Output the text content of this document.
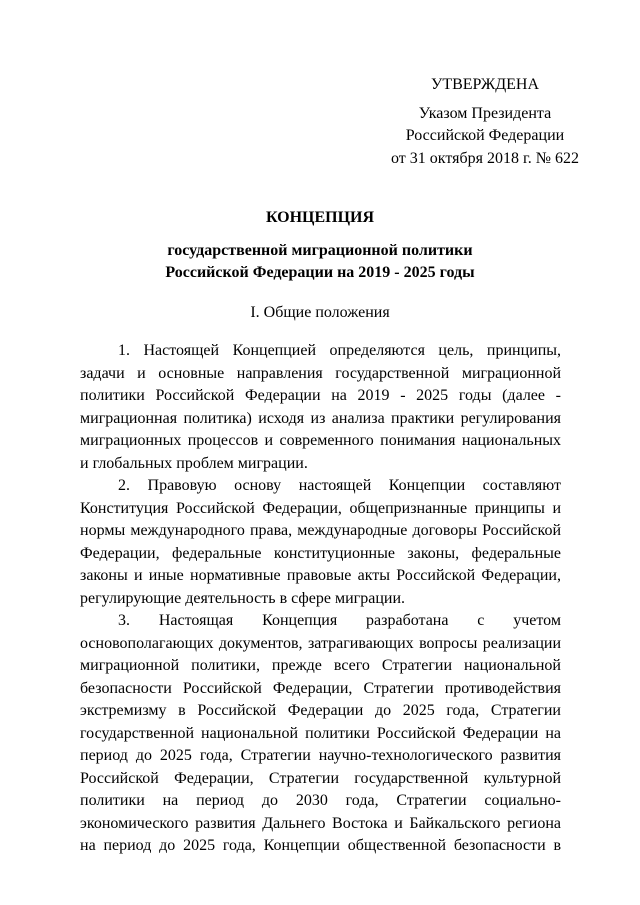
УТВЕРЖДЕНА
Указом Президента
Российской Федерации
от 31 октября 2018 г. № 622
КОНЦЕПЦИЯ
государственной миграционной политики
Российской Федерации на 2019 - 2025 годы
I. Общие положения

1. Настоящей Концепцией определяются цель, принципы, задачи и основные направления государственной миграционной политики Российской Федерации на 2019 - 2025 годы (далее - миграционная политика) исходя из анализа практики регулирования миграционных процессов и современного понимания национальных и глобальных проблем миграции.

2. Правовую основу настоящей Концепции составляют Конституция Российской Федерации, общепризнанные принципы и нормы международного права, международные договоры Российской Федерации, федеральные конституционные законы, федеральные законы и иные нормативные правовые акты Российской Федерации, регулирующие деятельность в сфере миграции.

3. Настоящая Концепция разработана с учетом основополагающих документов, затрагивающих вопросы реализации миграционной политики, прежде всего Стратегии национальной безопасности Российской Федерации, Стратегии противодействия экстремизму в Российской Федерации до 2025 года, Стратегии государственной национальной политики Российской Федерации на период до 2025 года, Стратегии научно-технологического развития Российской Федерации, Стратегии государственной культурной политики на период до 2030 года, Стратегии социально-экономического развития Дальнего Востока и Байкальского региона на период до 2025 года, Концепции общественной безопасности в
